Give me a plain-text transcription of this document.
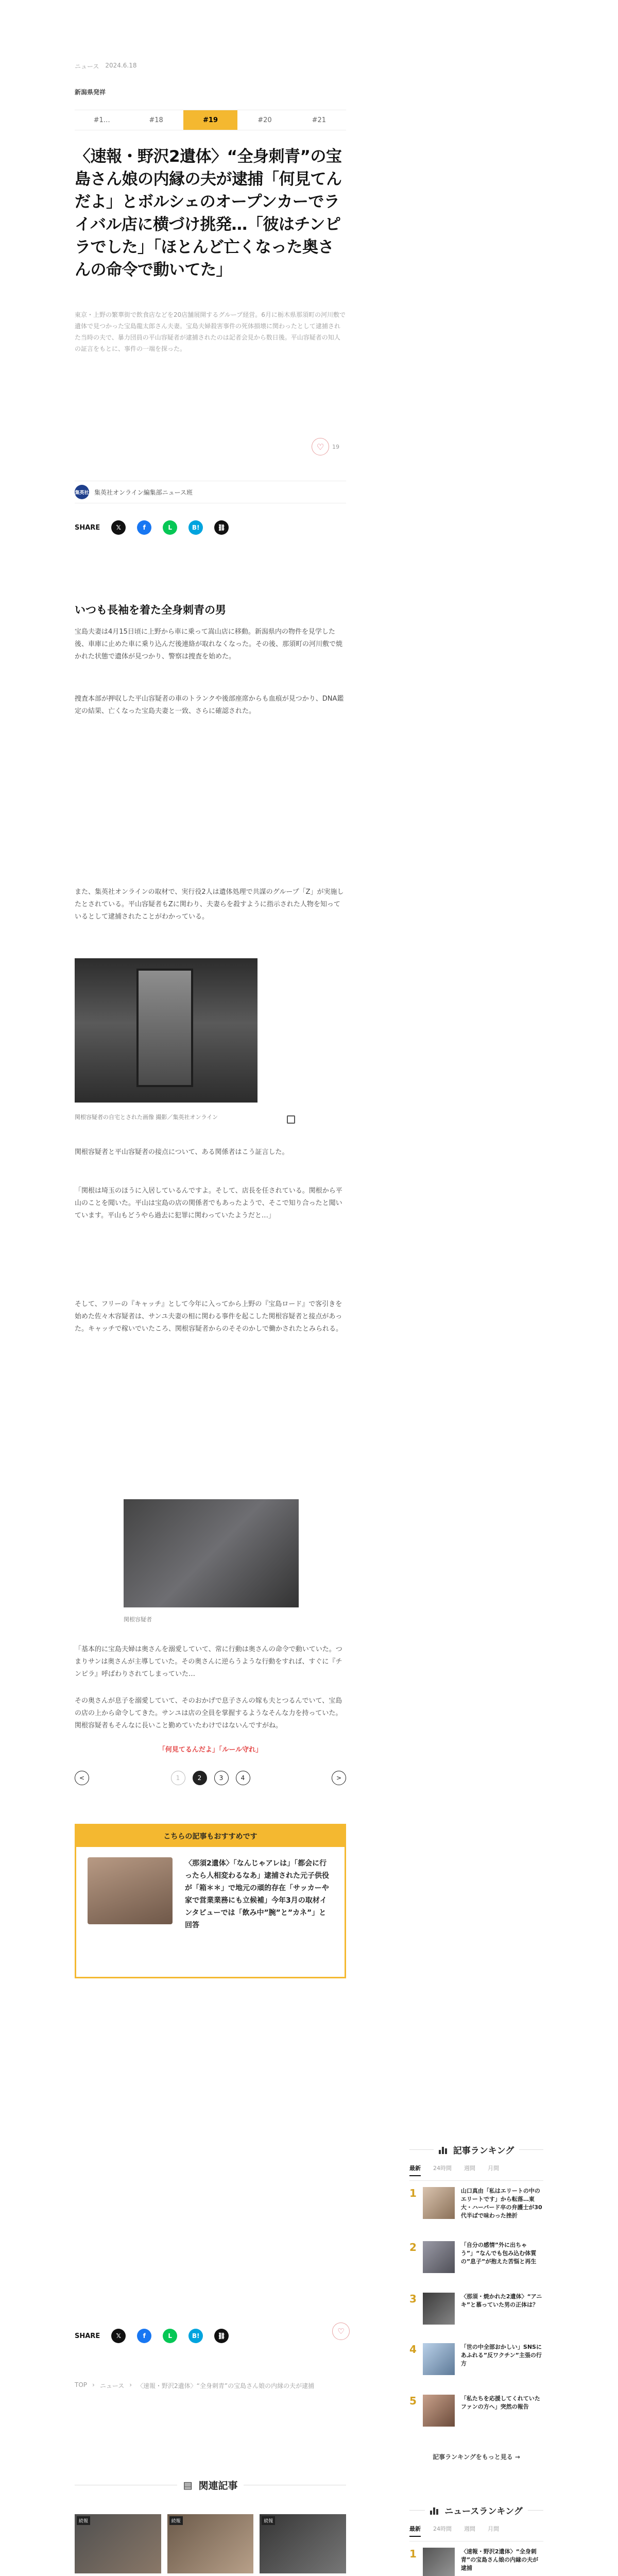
ニュース 2024.6.18
新潟県発祥
#1…	#18	#19	#20	#21
〈速報・野沢2遺体〉“全身刺青”の宝島さん娘の内縁の夫が逮捕「何見てんだよ」とボルシェのオープンカーでライバル店に横づけ挑発…「彼はチンピラでした」「ほとんど亡くなった奥さんの命令で動いてた」

東京・上野の繁華街で飲食店などを20店舗展開するグループ経営。6月に栃木県那須町の河川敷で遺体で見つかった宝島龍太郎さん夫妻。宝島夫婦殺害事件の死体損壊に関わったとして逮捕された当時の夫で、暴力団員の平山容疑者が逮捕されたのは記者会見から数日後。平山容疑者の知人の証言をもとに、事件の一端を探った。

♡	19
集英社 集英社オンライン編集部ニュース班
SHARE	𝕏	f	L	B!	⛓
いつも長袖を着た全身刺青の男

宝島夫妻は4月15日頃に上野から車に乗って嵩山店に移動。新潟県内の物件を見学した後、車庫に止めた車に乗り込んだ後連絡が取れなくなった。その後、那須町の河川敷で焼かれた状態で遺体が見つかり、警察は捜査を始めた。

捜査本部が押収した平山容疑者の車のトランクや後部座席からも血痕が見つかり、DNA鑑定の結果、亡くなった宝島夫妻と一致、さらに確認された。

また、集英社オンラインの取材で、実行役2人は遺体処理で共謀のグループ「Z」が実施したとされている。平山容疑者もZに関わり、夫妻らを殺すように指示された人物を知っているとして逮捕されたことがわかっている。

関根容疑者の自宅とされた画像 撮影／集英社オンライン

関根容疑者と平山容疑者の接点について、ある関係者はこう証言した。

「関根は埼玉のほうに入居しているんですよ。そして、店長を任されている。関根から平山のことを聞いた。平山は宝島の店の関係者でもあったようで、そこで知り合ったと聞いています。平山もどうやら過去に犯罪に関わっていたようだと…」

そして、フリーの『キャッチ』として今年に入ってから上野の『宝島ロード』で客引きを始めた佐々木容疑者は、サンユ夫妻の相に関わる事件を起こした関根容疑者と接点があった。キャッチで稼いでいたころ、関根容疑者からのそそのかしで働かされたとみられる。

関根容疑者

「基本的に宝島夫婦は奥さんを溺愛していて、常に行動は奥さんの命令で動いていた。つまりサンは奥さんが主導していた。その奥さんに逆らうような行動をすれば、すぐに『チンピラ』呼ばわりされてしまっていた…

その奥さんが息子を溺愛していて、そのおかげで息子さんの嫁も夫とつるんでいて、宝島の店の上から命令してきた。サンユは店の全員を掌握するようなそんな力を持っていた。関根容疑者もそんなに長いこと勤めていたわけではないんですがね。

「何見てるんだよ」「ルール守れ」
<	1	2	3	4	>
こちらの記事もおすすめです
〈那須2遺体〉「なんじゃアレは」「都会に行ったら人相変わるなあ」逮捕された元子供役が「箱＊＊」で地元の頑的存在「サッカーや家で営業業務にも立候補」今年3月の取材インタビューでは「飲み中”腕”と”カネ”」と回答
SHARE	𝕏	f	L	B!	⛓	♡
TOP › ニュース › 〈速報・野沢2遺体〉“全身刺青”の宝島さん娘の内縁の夫が逮捕
▤ 関連記事
続報	続報	続報
記事ランキング
最新 24時間 週間 月間
1	山口真由「私はエリートの中のエリートです」から転落…東大・ハーバード卒の弁護士が30代半ばで味わった挫折
2	「自分の感情”外に出ちゃう”」“なんでも包み込む体質の”息子”が抱えた苦悩と再生
3	〈那須・焼かれた2遺体〉“アニキ”と慕っていた男の正体は？
4	「世の中全部おかしい」SNSにあふれる”反ワクチン”主張の行方
5	「私たちを応援してくれていたファンの方へ」突然の報告
記事ランキングをもっと見る →
ニュースランキング
最新 24時間 週間 月間
1	〈速報・野沢2遺体〉“全身刺青”の宝島さん娘の内縁の夫が逮捕
